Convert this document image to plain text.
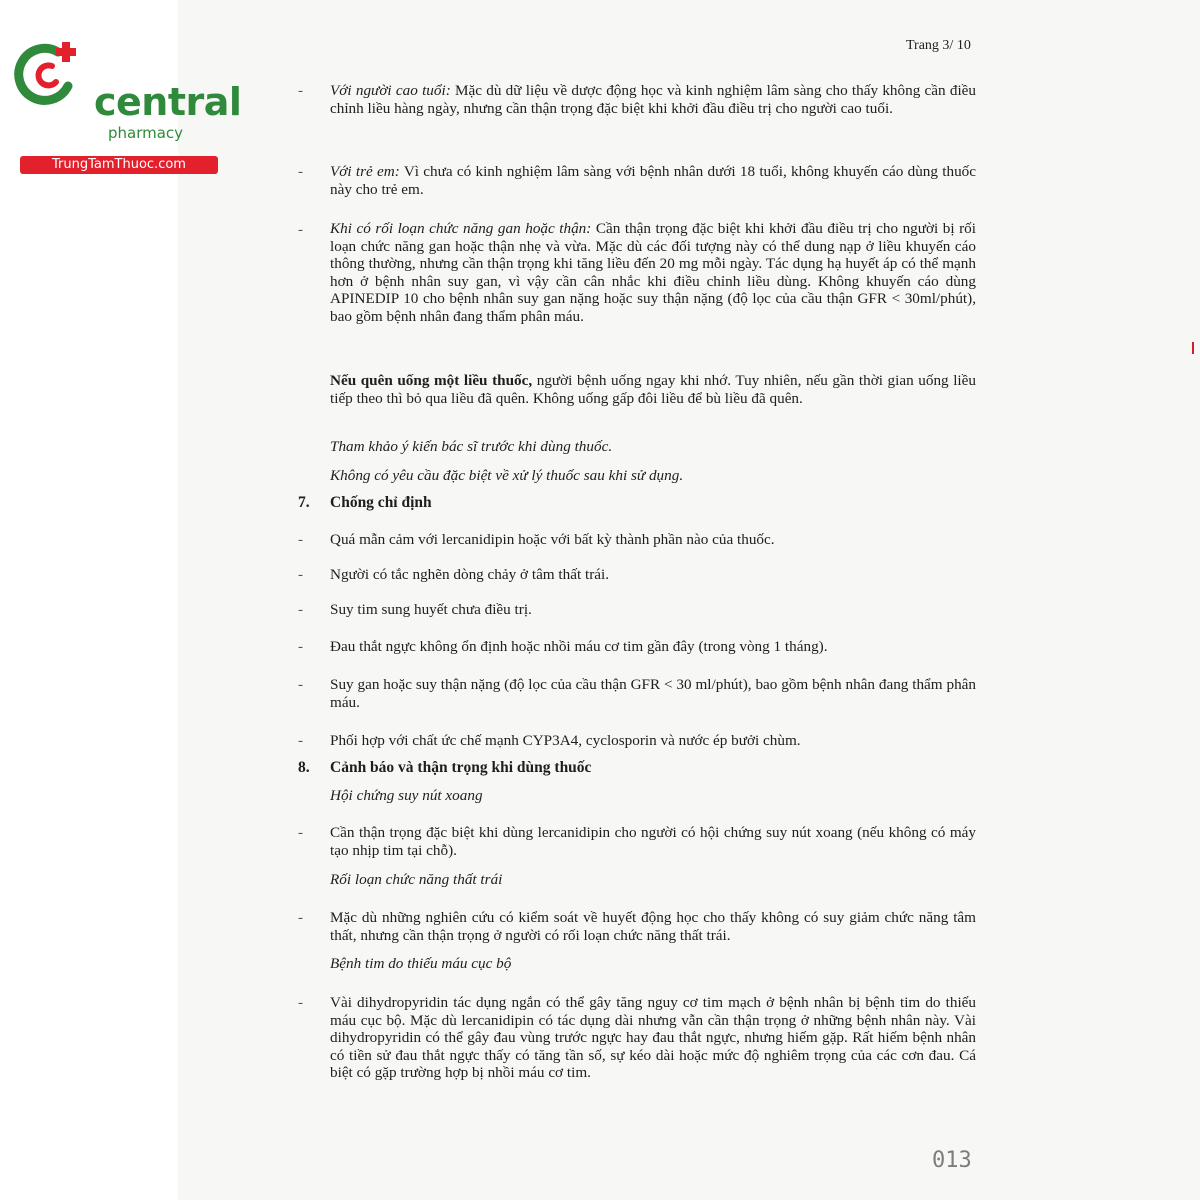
central
pharmacy
TrungTamThuoc.com
Trang 3/ 10
- Với người cao tuổi: Mặc dù dữ liệu về dược động học và kinh nghiệm lâm sàng cho thấy không cần điều chỉnh liều hàng ngày, nhưng cần thận trọng đặc biệt khi khởi đầu điều trị cho người cao tuổi.
- Với trẻ em: Vì chưa có kinh nghiệm lâm sàng với bệnh nhân dưới 18 tuổi, không khuyến cáo dùng thuốc này cho trẻ em.
- Khi có rối loạn chức năng gan hoặc thận: Cần thận trọng đặc biệt khi khởi đầu điều trị cho người bị rối loạn chức năng gan hoặc thận nhẹ và vừa. Mặc dù các đối tượng này có thể dung nạp ở liều khuyến cáo thông thường, nhưng cần thận trọng khi tăng liều đến 20 mg mỗi ngày. Tác dụng hạ huyết áp có thể mạnh hơn ở bệnh nhân suy gan, vì vậy cần cân nhắc khi điều chỉnh liều dùng. Không khuyến cáo dùng APINEDIP 10 cho bệnh nhân suy gan nặng hoặc suy thận nặng (độ lọc của cầu thận GFR < 30ml/phút), bao gồm bệnh nhân đang thẩm phân máu.
Nếu quên uống một liều thuốc, người bệnh uống ngay khi nhớ. Tuy nhiên, nếu gần thời gian uống liều tiếp theo thì bỏ qua liều đã quên. Không uống gấp đôi liều để bù liều đã quên.
Tham khảo ý kiến bác sĩ trước khi dùng thuốc.
Không có yêu cầu đặc biệt về xử lý thuốc sau khi sử dụng.
7. Chống chỉ định
- Quá mẫn cảm với lercanidipin hoặc với bất kỳ thành phần nào của thuốc.
- Người có tắc nghẽn dòng chảy ở tâm thất trái.
- Suy tim sung huyết chưa điều trị.
- Đau thắt ngực không ổn định hoặc nhồi máu cơ tim gần đây (trong vòng 1 tháng).
- Suy gan hoặc suy thận nặng (độ lọc của cầu thận GFR < 30 ml/phút), bao gồm bệnh nhân đang thẩm phân máu.
- Phối hợp với chất ức chế mạnh CYP3A4, cyclosporin và nước ép bưởi chùm.
8. Cảnh báo và thận trọng khi dùng thuốc
Hội chứng suy nút xoang
- Cần thận trọng đặc biệt khi dùng lercanidipin cho người có hội chứng suy nút xoang (nếu không có máy tạo nhịp tim tại chỗ).
Rối loạn chức năng thất trái
- Mặc dù những nghiên cứu có kiểm soát về huyết động học cho thấy không có suy giảm chức năng tâm thất, nhưng cần thận trọng ở người có rối loạn chức năng thất trái.
Bệnh tim do thiếu máu cục bộ
- Vài dihydropyridin tác dụng ngắn có thể gây tăng nguy cơ tim mạch ở bệnh nhân bị bệnh tim do thiếu máu cục bộ. Mặc dù lercanidipin có tác dụng dài nhưng vẫn cần thận trọng ở những bệnh nhân này. Vài dihydropyridin có thể gây đau vùng trước ngực hay đau thắt ngực, nhưng hiếm gặp. Rất hiếm bệnh nhân có tiền sử đau thắt ngực thấy có tăng tần số, sự kéo dài hoặc mức độ nghiêm trọng của các cơn đau. Cá biệt có gặp trường hợp bị nhồi máu cơ tim.
013
